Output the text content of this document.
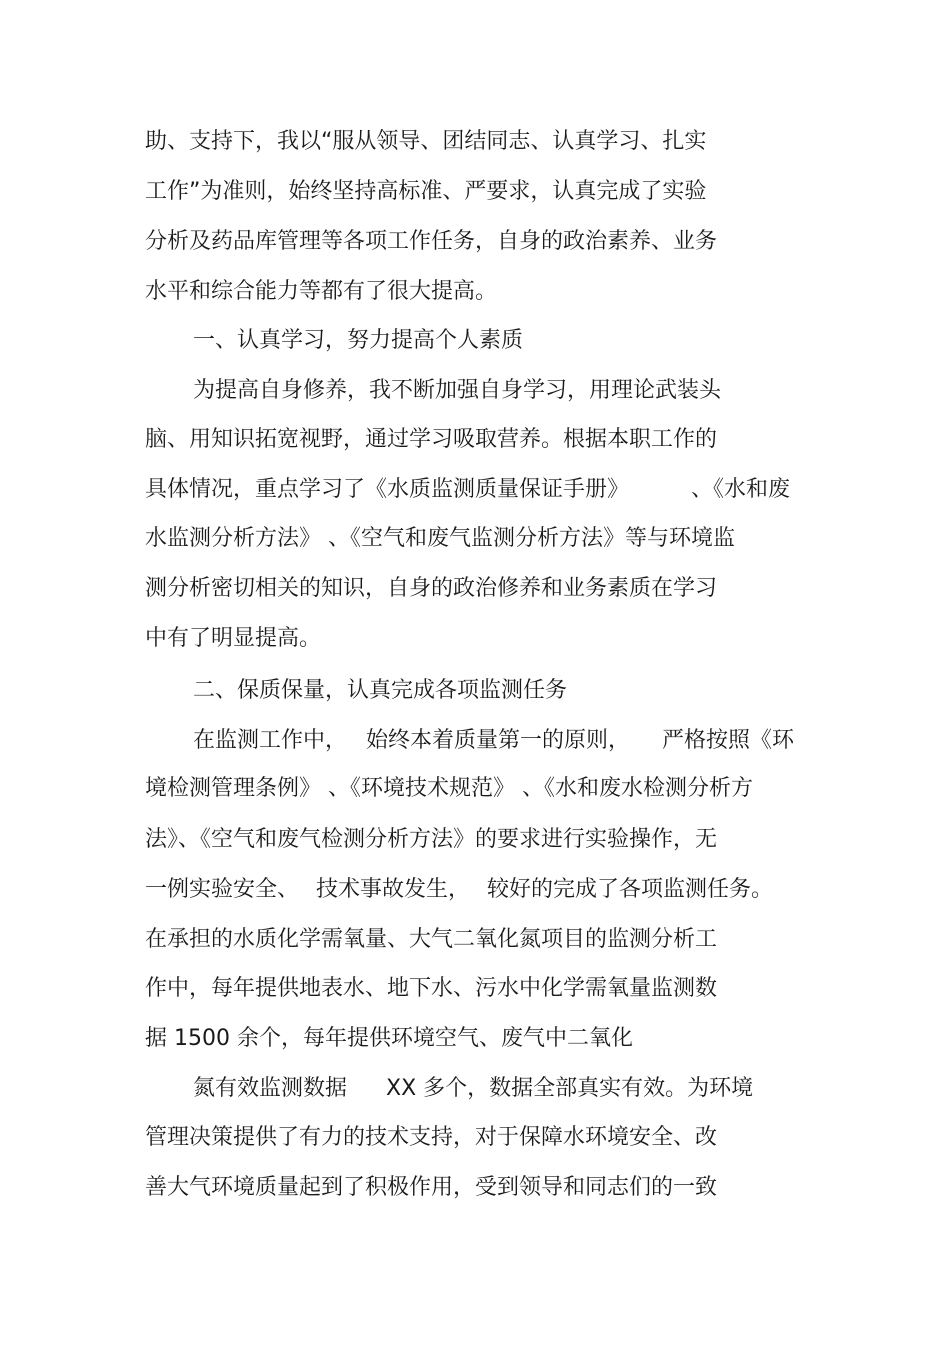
助、支持下，我以“服从领导、团结同志、认真学习、扎实

工作”为准则，始终坚持高标准、严要求，认真完成了实验

分析及药品库管理等各项工作任务，自身的政治素养、业务

水平和综合能力等都有了很大提高。

一、认真学习，努力提高个人素质

为提高自身修养，我不断加强自身学习，用理论武装头

脑、用知识拓宽视野，通过学习吸取营养。根据本职工作的

具体情况，重点学习了《水质监测质量保证手册》	、《水和废

水监测分析方法》 、《空气和废气监测分析方法》等与环境监

测分析密切相关的知识，自身的政治修养和业务素质在学习

中有了明显提高。

二、保质保量，认真完成各项监测任务

在监测工作中， 始终本着质量第一的原则， 严格按照《环

境检测管理条例》 、《环境技术规范》 、《水和废水检测分析方

法》、《空气和废气检测分析方法》的要求进行实验操作，无

一例实验安全、 技术事故发生， 较好的完成了各项监测任务。

在承担的水质化学需氧量、大气二氧化氮项目的监测分析工

作中，每年提供地表水、地下水、污水中化学需氧量监测数

据 1500 余个，每年提供环境空气、废气中二氧化

氮有效监测数据 XX 多个，数据全部真实有效。为环境

管理决策提供了有力的技术支持，对于保障水环境安全、改

善大气环境质量起到了积极作用，受到领导和同志们的一致
